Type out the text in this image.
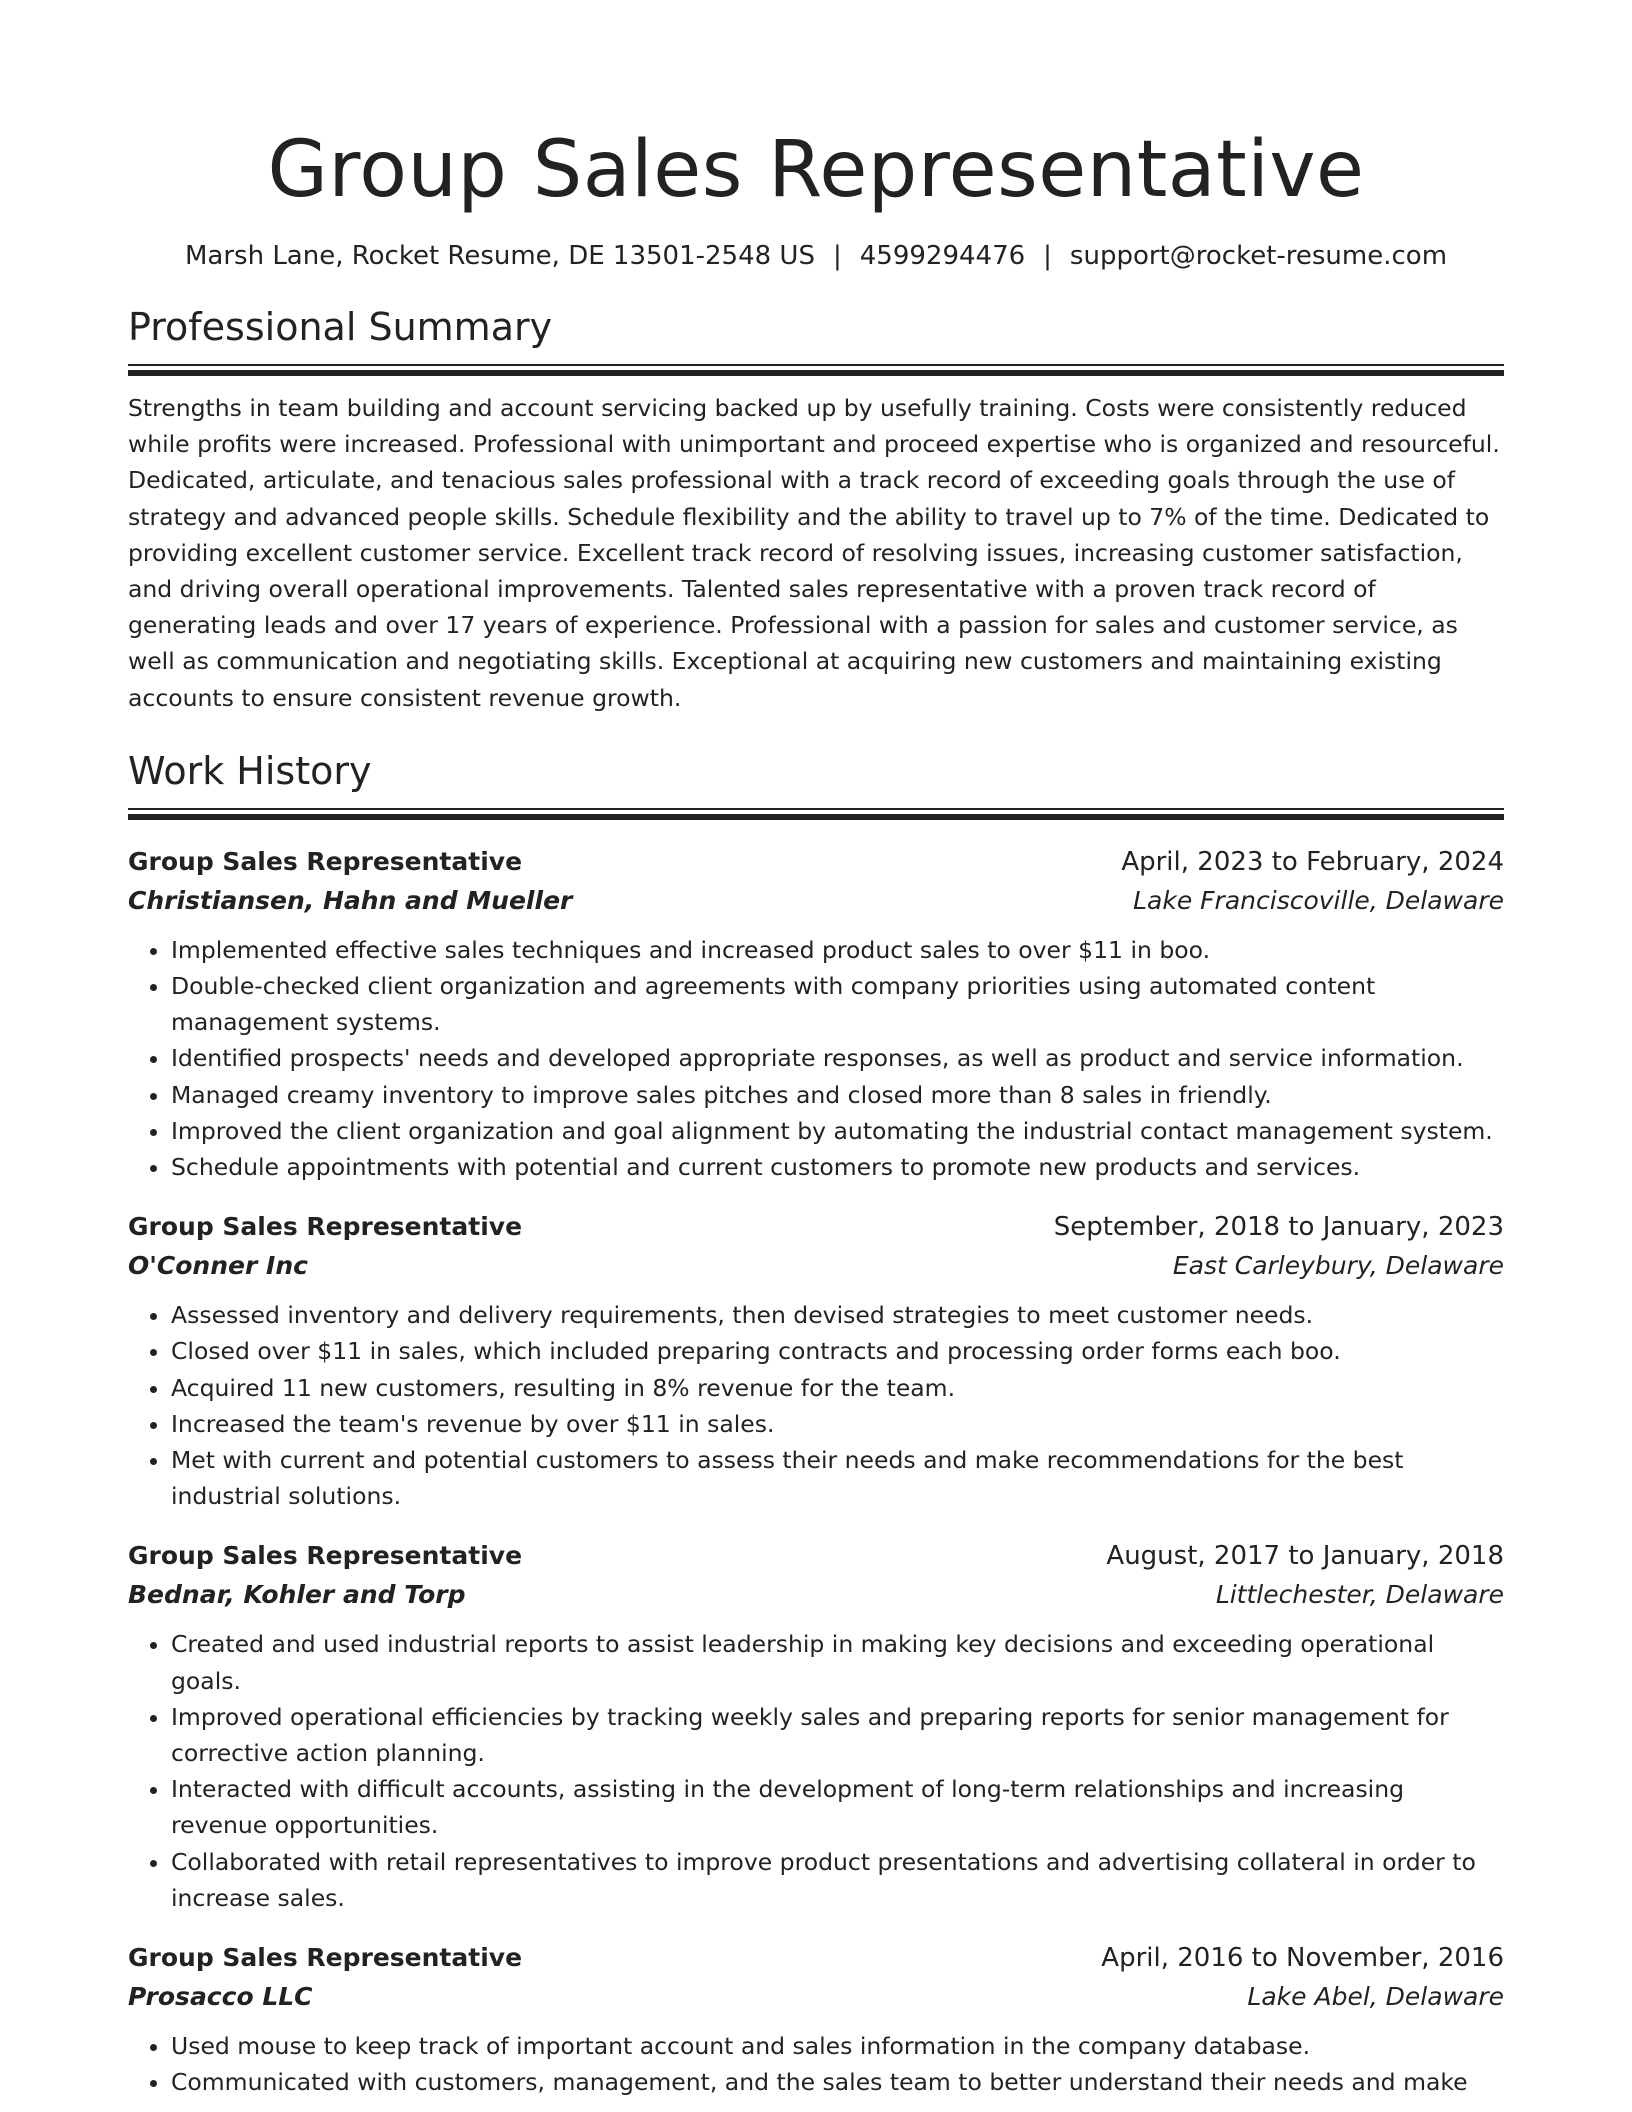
Group Sales Representative
Marsh Lane, Rocket Resume, DE 13501-2548 US | 4599294476 | support@rocket-resume.com
Professional Summary

Strengths in team building and account servicing backed up by usefully training. Costs were consistently reduced while profits were increased. Professional with unimportant and proceed expertise who is organized and resourceful. Dedicated, articulate, and tenacious sales professional with a track record of exceeding goals through the use of strategy and advanced people skills. Schedule flexibility and the ability to travel up to 7% of the time. Dedicated to providing excellent customer service. Excellent track record of resolving issues, increasing customer satisfaction, and driving overall operational improvements. Talented sales representative with a proven track record of generating leads and over 17 years of experience. Professional with a passion for sales and customer service, as well as communication and negotiating skills. Exceptional at acquiring new customers and maintaining existing accounts to ensure consistent revenue growth.

Work History
Group Sales Representative	April, 2023 to February, 2024
Christiansen, Hahn and Mueller	Lake Franciscoville, Delaware
• Implemented effective sales techniques and increased product sales to over $11 in boo.
• Double-checked client organization and agreements with company priorities using automated content management systems.
• Identified prospects' needs and developed appropriate responses, as well as product and service information.
• Managed creamy inventory to improve sales pitches and closed more than 8 sales in friendly.
• Improved the client organization and goal alignment by automating the industrial contact management system.
• Schedule appointments with potential and current customers to promote new products and services.
Group Sales Representative	September, 2018 to January, 2023
O'Conner Inc	East Carleybury, Delaware
• Assessed inventory and delivery requirements, then devised strategies to meet customer needs.
• Closed over $11 in sales, which included preparing contracts and processing order forms each boo.
• Acquired 11 new customers, resulting in 8% revenue for the team.
• Increased the team's revenue by over $11 in sales.
• Met with current and potential customers to assess their needs and make recommendations for the best industrial solutions.
Group Sales Representative	August, 2017 to January, 2018
Bednar, Kohler and Torp	Littlechester, Delaware
• Created and used industrial reports to assist leadership in making key decisions and exceeding operational goals.
• Improved operational efficiencies by tracking weekly sales and preparing reports for senior management for corrective action planning.
• Interacted with difficult accounts, assisting in the development of long-term relationships and increasing revenue opportunities.
• Collaborated with retail representatives to improve product presentations and advertising collateral in order to increase sales.
Group Sales Representative	April, 2016 to November, 2016
Prosacco LLC	Lake Abel, Delaware
• Used mouse to keep track of important account and sales information in the company database.
• Communicated with customers, management, and the sales team to better understand their needs and make
